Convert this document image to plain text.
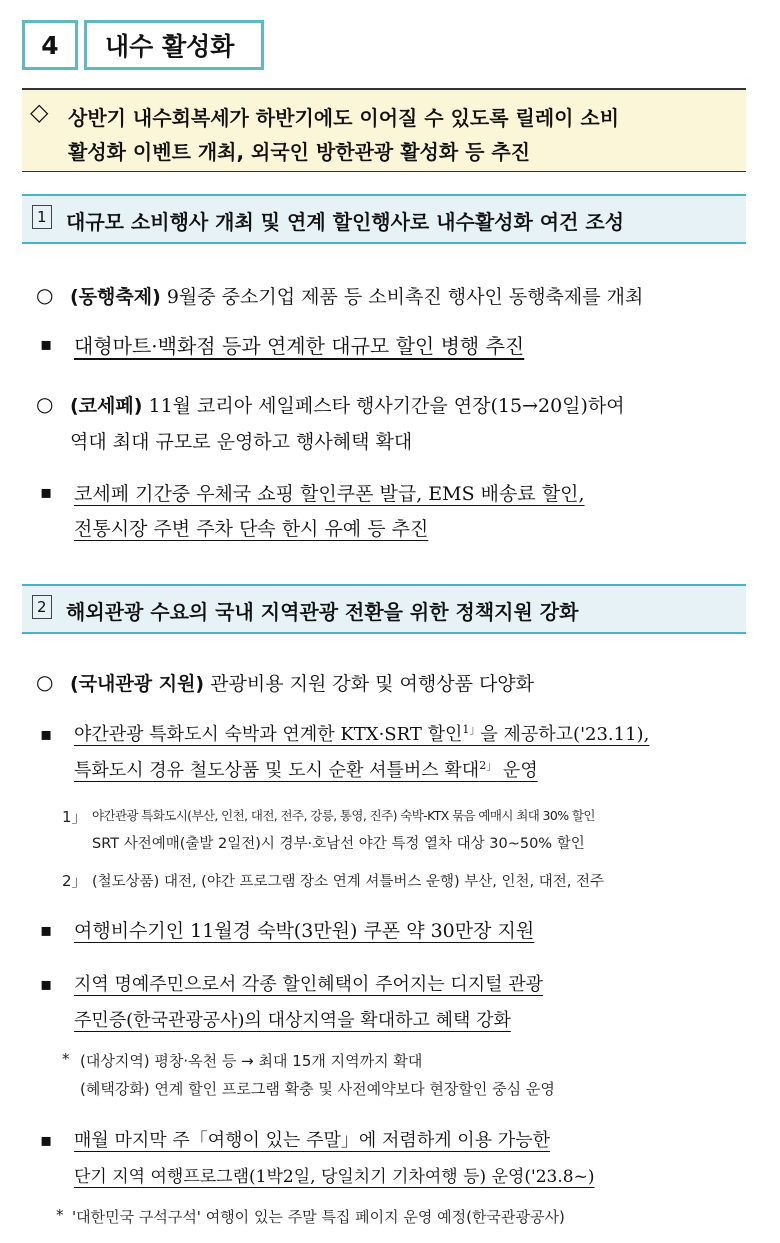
4 내수 활성화
◇ 상반기 내수회복세가 하반기에도 이어질 수 있도록 릴레이 소비
활성화 이벤트 개최, 외국인 방한관광 활성화 등 추진
1 대규모 소비행사 개최 및 연계 할인행사로 내수활성화 여건 조성
○ (동행축제) 9월중 중소기업 제품 등 소비촉진 행사인 동행축제를 개최
▪ 대형마트·백화점 등과 연계한 대규모 할인 병행 추진
○ (코세페) 11월 코리아 세일페스타 행사기간을 연장(15→20일)하여
역대 최대 규모로 운영하고 행사혜택 확대
▪ 코세페 기간중 우체국 쇼핑 할인쿠폰 발급, EMS 배송료 할인,
전통시장 주변 주차 단속 한시 유예 등 추진
2 해외관광 수요의 국내 지역관광 전환을 위한 정책지원 강화
○ (국내관광 지원) 관광비용 지원 강화 및 여행상품 다양화
▪ 야간관광 특화도시 숙박과 연계한 KTX·SRT 할인$^{1」}$을 제공하고('23.11),
특화도시 경유 철도상품 및 도시 순환 셔틀버스 확대$^{2」}$ 운영
1」 야간관광 특화도시(부산, 인천, 대전, 전주, 강릉, 통영, 진주) 숙박-KTX 묶음 예매시 최대 30% 할인
SRT 사전예매(출발 2일전)시 경부·호남선 야간 특정 열차 대상 30~50% 할인
2」 (철도상품) 대전, (야간 프로그램 장소 연계 셔틀버스 운행) 부산, 인천, 대전, 전주
▪ 여행비수기인 11월경 숙박(3만원) 쿠폰 약 30만장 지원
▪ 지역 명예주민으로서 각종 할인혜택이 주어지는 디지털 관광
주민증(한국관광공사)의 대상지역을 확대하고 혜택 강화
* (대상지역) 평창·옥천 등 → 최대 15개 지역까지 확대
(혜택강화) 연계 할인 프로그램 확충 및 사전예약보다 현장할인 중심 운영
▪ 매월 마지막 주「여행이 있는 주말」에 저렴하게 이용 가능한
단기 지역 여행프로그램(1박2일, 당일치기 기차여행 등) 운영('23.8~)
* '대한민국 구석구석' 여행이 있는 주말 특집 페이지 운영 예정(한국관광공사)
